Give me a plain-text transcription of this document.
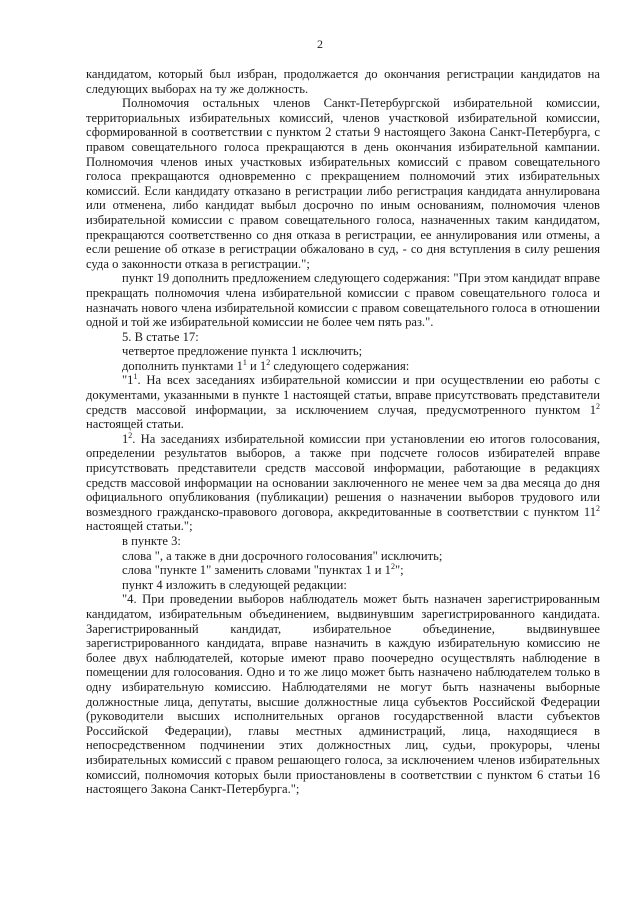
2

кандидатом, который был избран, продолжается до окончания регистрации кандидатов на следующих выборах на ту же должность.

Полномочия остальных членов Санкт-Петербургской избирательной комиссии, территориальных избирательных комиссий, членов участковой избирательной комиссии, сформированной в соответствии с пунктом 2 статьи 9 настоящего Закона Санкт-Петербурга, с правом совещательного голоса прекращаются в день окончания избирательной кампании. Полномочия членов иных участковых избирательных комиссий с правом совещательного голоса прекращаются одновременно с прекращением полномочий этих избирательных комиссий. Если кандидату отказано в регистрации либо регистрация кандидата аннулирована или отменена, либо кандидат выбыл досрочно по иным основаниям, полномочия членов избирательной комиссии с правом совещательного голоса, назначенных таким кандидатом, прекращаются соответственно со дня отказа в регистрации, ее аннулирования или отмены, а если решение об отказе в регистрации обжаловано в суд, - со дня вступления в силу решения суда о законности отказа в регистрации.";

пункт 19 дополнить предложением следующего содержания: "При этом кандидат вправе прекращать полномочия члена избирательной комиссии с правом совещательного голоса и назначать нового члена избирательной комиссии с правом совещательного голоса в отношении одной и той же избирательной комиссии не более чем пять раз.".

5. В статье 17:

четвертое предложение пункта 1 исключить;

дополнить пунктами $1^1$ и $1^2$ следующего содержания:

"$1^1$. На всех заседаниях избирательной комиссии и при осуществлении ею работы с документами, указанными в пункте 1 настоящей статьи, вправе присутствовать представители средств массовой информации, за исключением случая, предусмотренного пунктом $1^2$ настоящей статьи.

$1^2$. На заседаниях избирательной комиссии при установлении ею итогов голосования, определении результатов выборов, а также при подсчете голосов избирателей вправе присутствовать представители средств массовой информации, работающие в редакциях средств массовой информации на основании заключенного не менее чем за два месяца до дня официального опубликования (публикации) решения о назначении выборов трудового или возмездного гражданско-правового договора, аккредитованные в соответствии с пунктом $11^2$ настоящей статьи.";

в пункте 3:

слова ", а также в дни досрочного голосования" исключить;

слова "пункте 1" заменить словами "пунктах 1 и $1^2$";

пункт 4 изложить в следующей редакции:

"4. При проведении выборов наблюдатель может быть назначен зарегистрированным кандидатом, избирательным объединением, выдвинувшим зарегистрированного кандидата. Зарегистрированный кандидат, избирательное объединение, выдвинувшее зарегистрированного кандидата, вправе назначить в каждую избирательную комиссию не более двух наблюдателей, которые имеют право поочередно осуществлять наблюдение в помещении для голосования. Одно и то же лицо может быть назначено наблюдателем только в одну избирательную комиссию. Наблюдателями не могут быть назначены выборные должностные лица, депутаты, высшие должностные лица субъектов Российской Федерации (руководители высших исполнительных органов государственной власти субъектов Российской Федерации), главы местных администраций, лица, находящиеся в непосредственном подчинении этих должностных лиц, судьи, прокуроры, члены избирательных комиссий с правом решающего голоса, за исключением членов избирательных комиссий, полномочия которых были приостановлены в соответствии с пунктом 6 статьи 16 настоящего Закона Санкт-Петербурга.";
